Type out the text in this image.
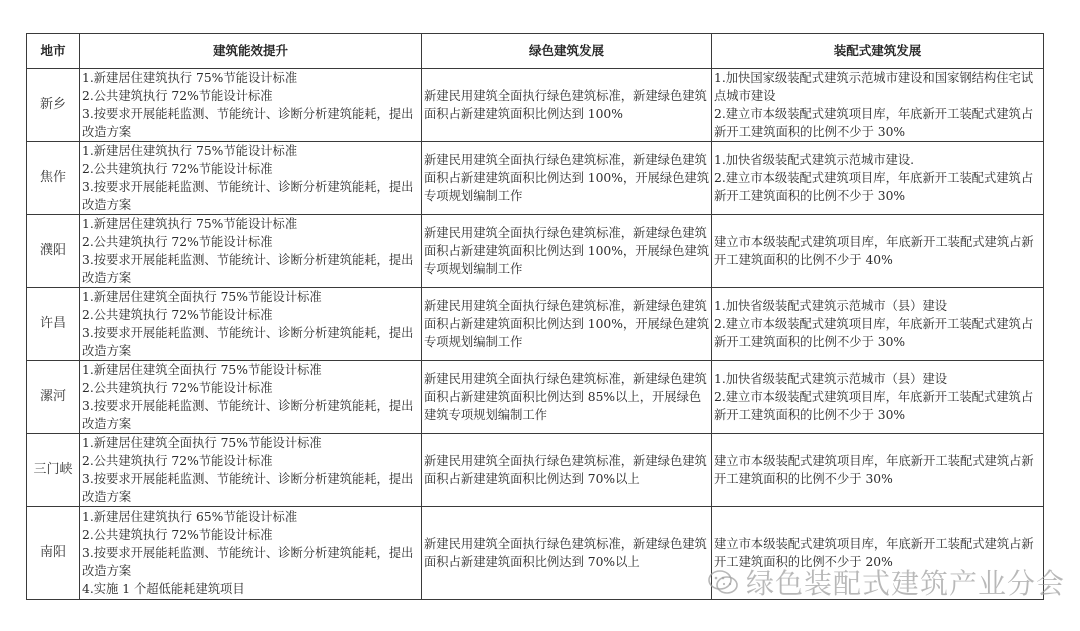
地市	建筑能效提升	绿色建筑发展	装配式建筑发展
新乡	1.新建居住建筑执行 75%节能设计标准
2.公共建筑执行 72%节能设计标准
3.按要求开展能耗监测、节能统计、诊断分析建筑能耗，提出改造方案	新建民用建筑全面执行绿色建筑标准，新建绿色建筑面积占新建建筑面积比例达到 100%	1.加快国家级装配式建筑示范城市建设和国家钢结构住宅试点城市建设
2.建立市本级装配式建筑项目库，年底新开工装配式建筑占新开工建筑面积的比例不少于 30%

焦作	1.新建居住建筑执行 75%节能设计标准
2.公共建筑执行 72%节能设计标准
3.按要求开展能耗监测、节能统计、诊断分析建筑能耗，提出改造方案	新建民用建筑全面执行绿色建筑标准，新建绿色建筑面积占新建建筑面积比例达到 100%，开展绿色建筑专项规划编制工作	1.加快省级装配式建筑示范城市建设.
2.建立市本级装配式建筑项目库，年底新开工装配式建筑占新开工建筑面积的比例不少于 30%

濮阳	1.新建居住建筑执行 75%节能设计标准
2.公共建筑执行 72%节能设计标准
3.按要求开展能耗监测、节能统计、诊断分析建筑能耗，提出改造方案	新建民用建筑全面执行绿色建筑标准，新建绿色建筑面积占新建建筑面积比例达到 100%，开展绿色建筑专项规划编制工作	建立市本级装配式建筑项目库，年底新开工装配式建筑占新开工建筑面积的比例不少于 40%

许昌	1.新建居住建筑全面执行 75%节能设计标准
2.公共建筑执行 72%节能设计标准
3.按要求开展能耗监测、节能统计、诊断分析建筑能耗，提出改造方案	新建民用建筑全面执行绿色建筑标准，新建绿色建筑面积占新建建筑面积比例达到 100%，开展绿色建筑专项规划编制工作	1.加快省级装配式建筑示范城市（县）建设
2.建立市本级装配式建筑项目库，年底新开工装配式建筑占新开工建筑面积的比例不少于 30%

漯河	1.新建居住建筑全面执行 75%节能设计标准
2.公共建筑执行 72%节能设计标准
3.按要求开展能耗监测、节能统计、诊断分析建筑能耗，提出改造方案	新建民用建筑全面执行绿色建筑标准，新建绿色建筑面积占新建建筑面积比例达到 85%以上，开展绿色建筑专项规划编制工作	1.加快省级装配式建筑示范城市（县）建设
2.建立市本级装配式建筑项目库，年底新开工装配式建筑占新开工建筑面积的比例不少于 30%

三门峡	1.新建居住建筑全面执行 75%节能设计标准
2.公共建筑执行 72%节能设计标准
3.按要求开展能耗监测、节能统计、诊断分析建筑能耗，提出改造方案	新建民用建筑全面执行绿色建筑标准，新建绿色建筑面积占新建建筑面积比例达到 70%以上	建立市本级装配式建筑项目库，年底新开工装配式建筑占新开工建筑面积的比例不少于 30%

南阳	1.新建居住建筑执行 65%节能设计标准
2.公共建筑执行 72%节能设计标准
3.按要求开展能耗监测、节能统计、诊断分析建筑能耗，提出改造方案
4.实施 1 个超低能耗建筑项目	新建民用建筑全面执行绿色建筑标准，新建绿色建筑面积占新建建筑面积比例达到 70%以上	建立市本级装配式建筑项目库，年底新开工装配式建筑占新开工建筑面积的比例不少于 20%
绿色装配式建筑产业分会
